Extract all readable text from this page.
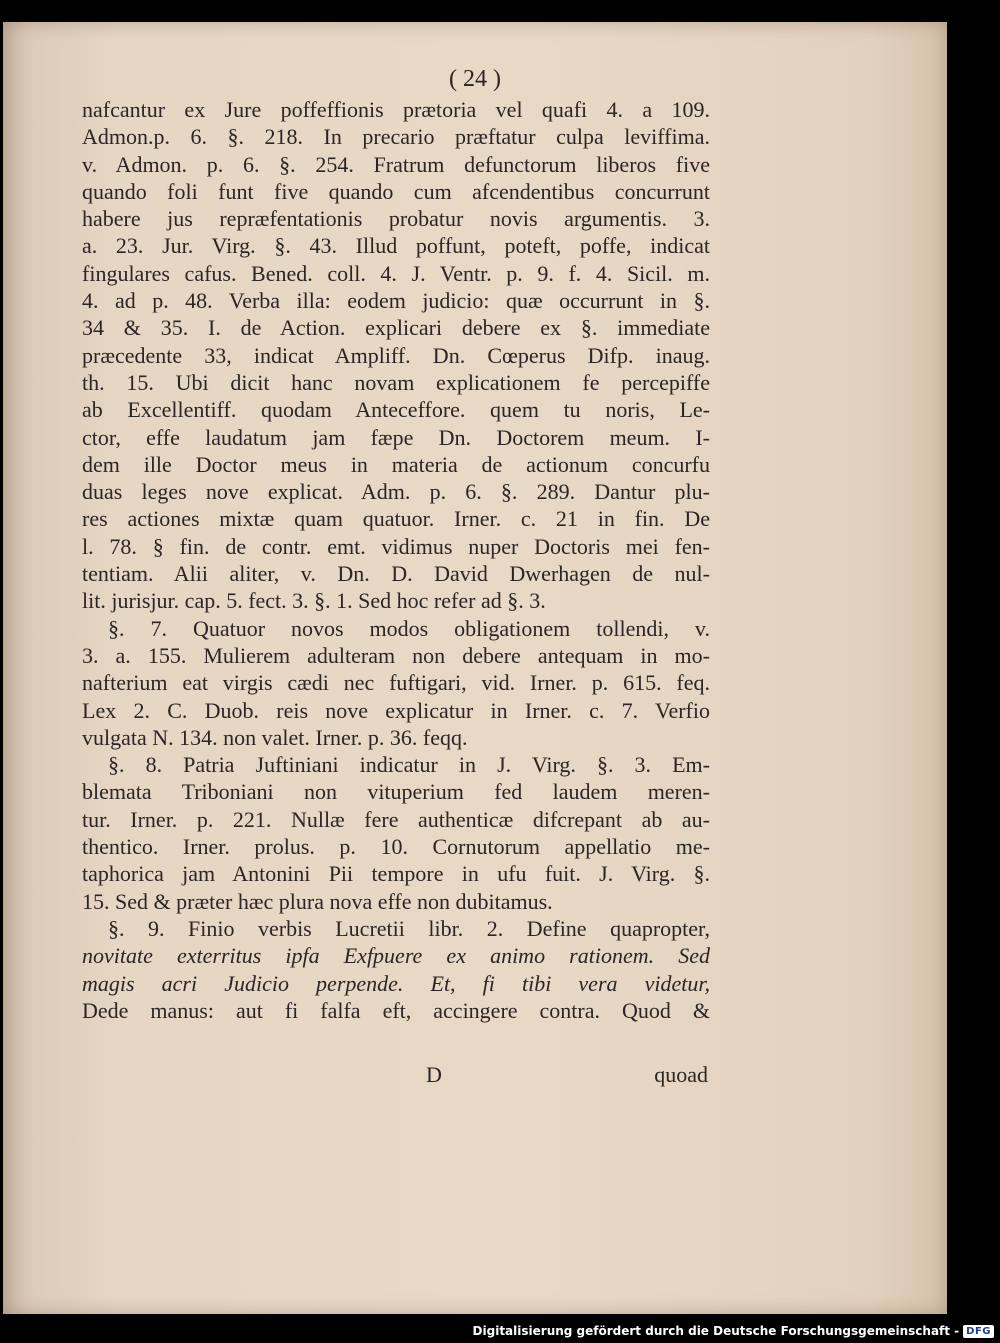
( 24 )
nafcantur ex Jure poffeffionis prætoria vel quafi 4. a 109.
Admon.p. 6. §. 218. In precario præftatur culpa leviffima.
v. Admon. p. 6. §. 254. Fratrum defunctorum liberos five
quando foli funt five quando cum afcendentibus concurrunt
habere jus repræfentationis probatur novis argumentis. 3.
a. 23. Jur. Virg. §. 43. Illud poffunt, poteft, poffe, indicat
fingulares cafus. Bened. coll. 4. J. Ventr. p. 9. f. 4. Sicil. m.
4. ad p. 48. Verba illa: eodem judicio: quæ occurrunt in §.
34 & 35. I. de Action. explicari debere ex §. immediate
præcedente 33, indicat Ampliff. Dn. Cœperus Difp. inaug.
th. 15. Ubi dicit hanc novam explicationem fe percepiffe
ab Excellentiff. quodam Anteceffore. quem tu noris, Le-
ctor, effe laudatum jam fæpe Dn. Doctorem meum. I-
dem ille Doctor meus in materia de actionum concurfu
duas leges nove explicat. Adm. p. 6. §. 289. Dantur plu-
res actiones mixtæ quam quatuor. Irner. c. 21 in fin. De
l. 78. § fin. de contr. emt. vidimus nuper Doctoris mei fen-
tentiam. Alii aliter, v. Dn. D. David Dwerhagen de nul-
lit. jurisjur. cap. 5. fect. 3. §. 1. Sed hoc refer ad §. 3.
§. 7. Quatuor novos modos obligationem tollendi, v.
3. a. 155. Mulierem adulteram non debere antequam in mo-
nafterium eat virgis cædi nec fuftigari, vid. Irner. p. 615. feq.
Lex 2. C. Duob. reis nove explicatur in Irner. c. 7. Verfio
vulgata N. 134. non valet. Irner. p. 36. feqq.
§. 8. Patria Juftiniani indicatur in J. Virg. §. 3. Em-
blemata Triboniani non vituperium fed laudem meren-
tur. Irner. p. 221. Nullæ fere authenticæ difcrepant ab au-
thentico. Irner. prolus. p. 10. Cornutorum appellatio me-
taphorica jam Antonini Pii tempore in ufu fuit. J. Virg. §.
15. Sed & præter hæc plura nova effe non dubitamus.
§. 9. Finio verbis Lucretii libr. 2. Define quapropter,
novitate exterritus ipfa Exfpuere ex animo rationem. Sed
magis acri Judicio perpende. Et, fi tibi vera videtur,
Dede manus: aut fi falfa eft, accingere contra. Quod &
D	quoad
Digitalisierung gefördert durch die Deutsche Forschungsgemeinschaft - DFG
